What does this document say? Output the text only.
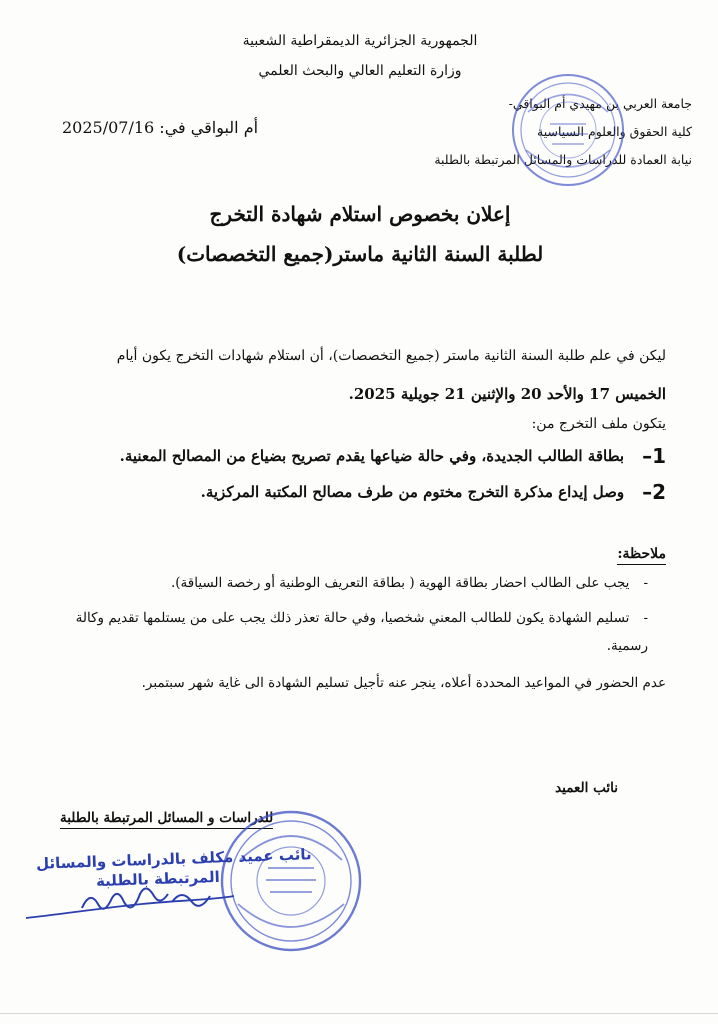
الجمهورية الجزائرية الديمقراطية الشعبية
وزارة التعليم العالي والبحث العلمي
جامعة العربي بن مهيدي أم البواقي-
كلية الحقوق والعلوم السياسية
نيابة العمادة للدراسات والمسائل المرتبطة بالطلبة
أم البواقي في: 2025/07/16
إعلان بخصوص استلام شهادة التخرج
لطلبة السنة الثانية ماستر(جميع التخصصات)
ليكن في علم طلبة السنة الثانية ماستر (جميع التخصصات)، أن استلام شهادات التخرج يكون أيام
الخميس 17 والأحد 20 والإثنين 21 جويلية 2025.
يتكون ملف التخرج من:
1–
بطاقة الطالب الجديدة، وفي حالة ضياعها يقدم تصريح بضياع من المصالح المعنية.
2–
وصل إيداع مذكرة التخرج مختوم من طرف مصالح المكتبة المركزية.
ملاحظة:
-يجب على الطالب احضار بطاقة الهوية ( بطاقة التعريف الوطنية أو رخصة السياقة).
-تسليم الشهادة يكون للطالب المعني شخصيا، وفي حالة تعذر ذلك يجب على من يستلمها تقديم وكالة رسمية.
عدم الحضور في المواعيد المحددة أعلاه، ينجر عنه تأجيل تسليم الشهادة الى غاية شهر سبتمبر.
نائب العميد
للدراسات و المسائل المرتبطة بالطلبة
نائب عميد مكلف بالدراسات والمسائل
المرتبطة بالطلبة
